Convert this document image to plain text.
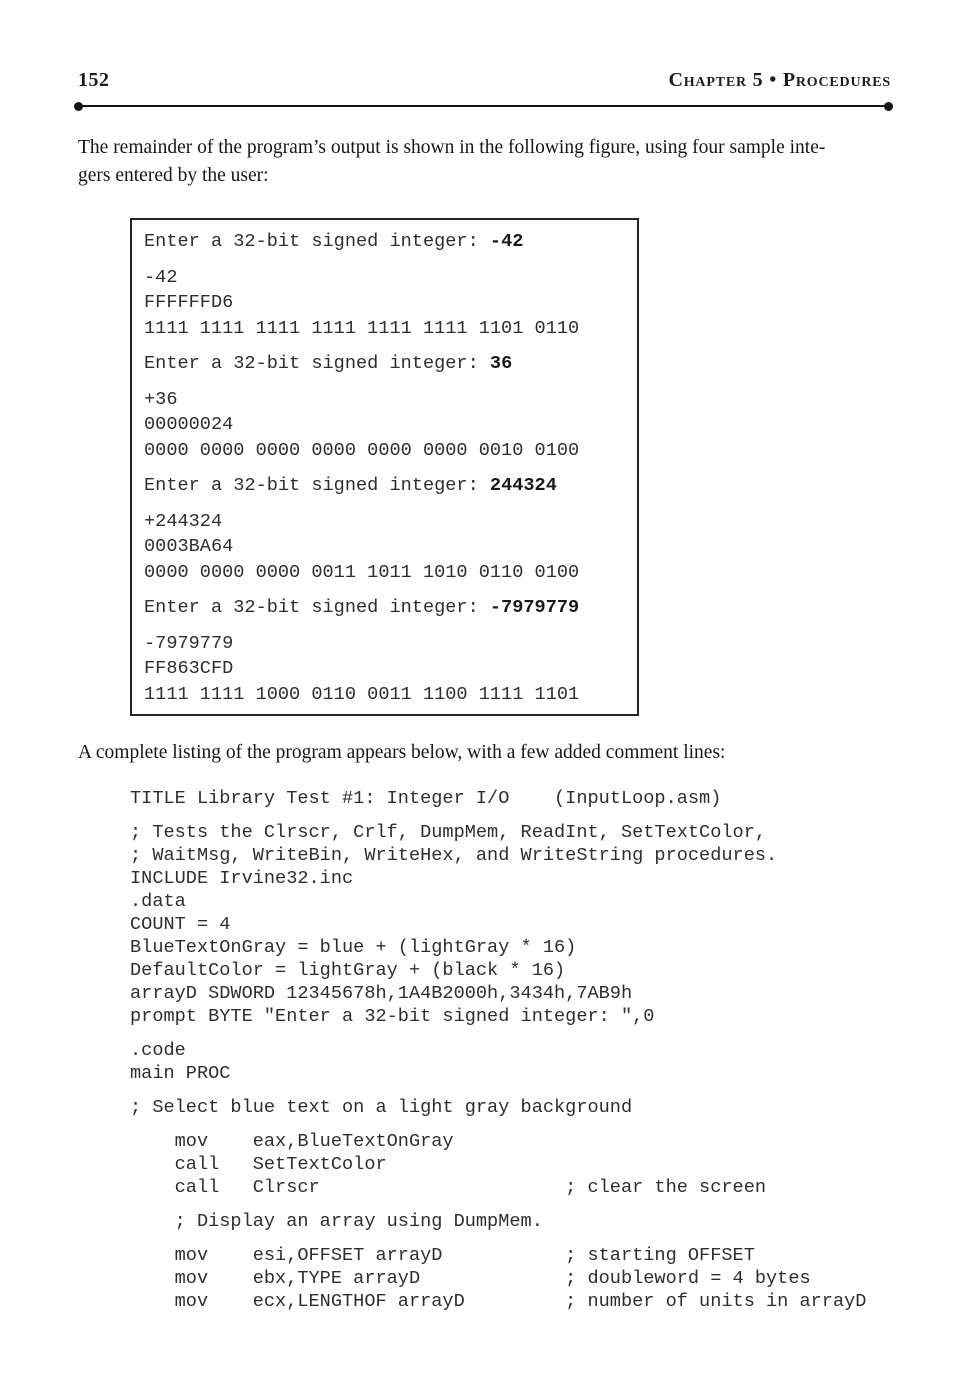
152	Chapter 5 • Procedures
The remainder of the program’s output is shown in the following figure, using four sample inte-
gers entered by the user:
Enter a 32-bit signed integer: -42
-42
FFFFFFD6
1111 1111 1111 1111 1111 1111 1101 0110
Enter a 32-bit signed integer: 36
+36
00000024
0000 0000 0000 0000 0000 0000 0010 0100
Enter a 32-bit signed integer: 244324
+244324
0003BA64
0000 0000 0000 0011 1011 1010 0110 0100
Enter a 32-bit signed integer: -7979779
-7979779
FF863CFD
1111 1111 1000 0110 0011 1100 1111 1101
A complete listing of the program appears below, with a few added comment lines:
TITLE Library Test #1: Integer I/O    (InputLoop.asm)
; Tests the Clrscr, Crlf, DumpMem, ReadInt, SetTextColor,
; WaitMsg, WriteBin, WriteHex, and WriteString procedures.
INCLUDE Irvine32.inc
.data
COUNT = 4
BlueTextOnGray = blue + (lightGray * 16)
DefaultColor = lightGray + (black * 16)
arrayD SDWORD 12345678h,1A4B2000h,3434h,7AB9h
prompt BYTE "Enter a 32-bit signed integer: ",0
.code
main PROC
; Select blue text on a light gray background
mov    eax,BlueTextOnGray
call   SetTextColor
call   Clrscr                      ; clear the screen
; Display an array using DumpMem.
mov    esi,OFFSET arrayD           ; starting OFFSET
mov    ebx,TYPE arrayD             ; doubleword = 4 bytes
mov    ecx,LENGTHOF arrayD         ; number of units in arrayD
